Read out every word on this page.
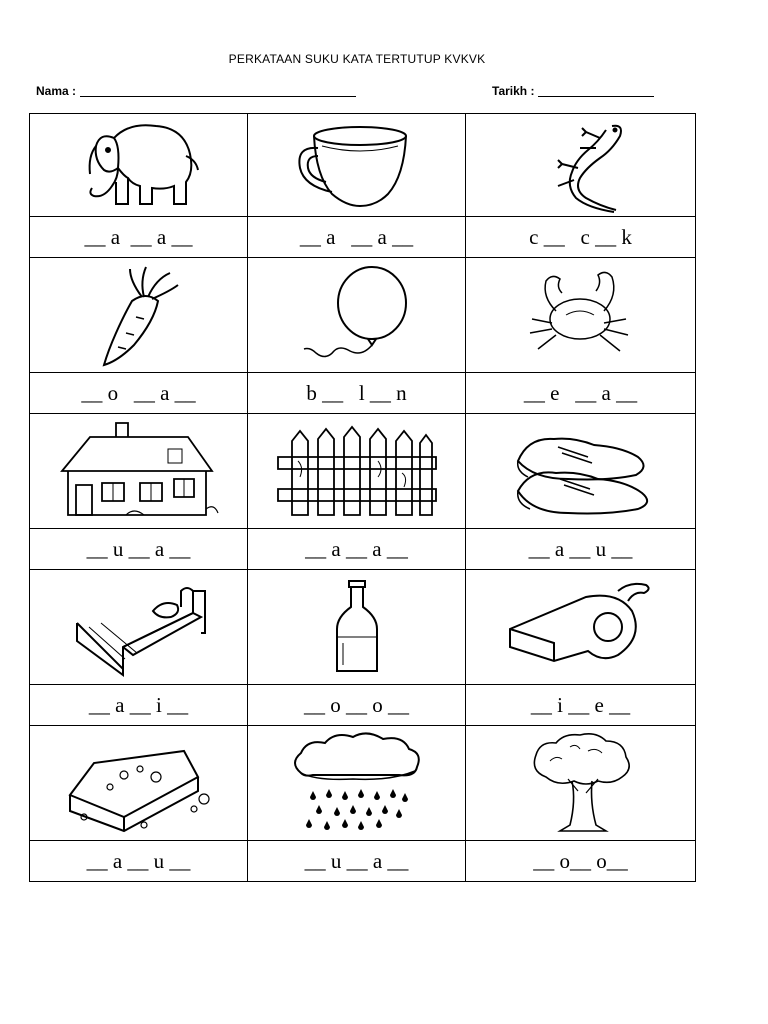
PERKATAAN SUKU KATA TERTUTUP KVKVK
Nama :	Tarikh :

__ a  __ a __	__ a   __ a __	c __   c __ k

__ o   __ a __	b __   l __ n	__ e   __ a __

__ u __ a __	__ a __ a __	__ a __ u __

__ a __ i __	__ o __ o __	__ i __ e __

__ a __ u __	__ u __ a __	__ o__ o__
